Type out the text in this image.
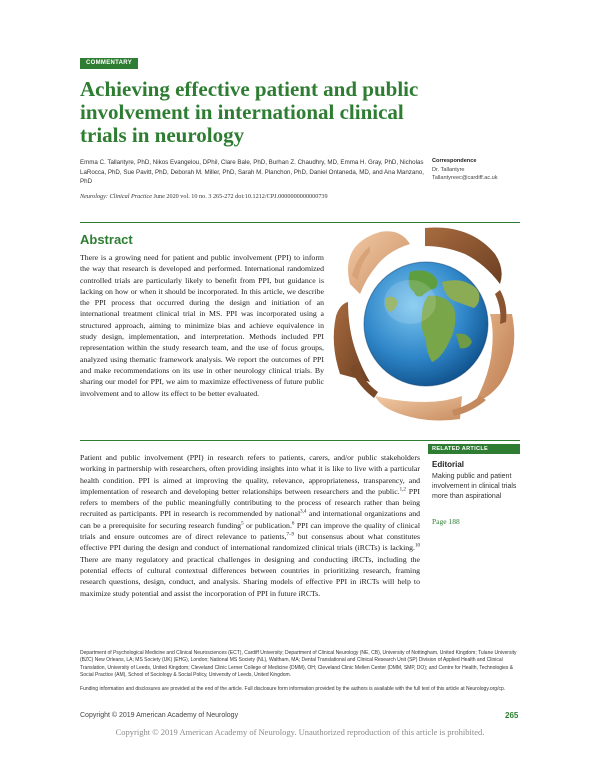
COMMENTARY
Achieving effective patient and public involvement in international clinical trials in neurology
Emma C. Tallantyre, PhD, Nikos Evangelou, DPhil, Clare Bale, PhD, Burhan Z. Chaudhry, MD, Emma H. Gray, PhD, Nicholas LaRocca, PhD, Sue Pavitt, PhD, Deborah M. Miller, PhD, Sarah M. Planchon, PhD, Daniel Ontaneda, MD, and Ana Manzano, PhD
Neurology: Clinical Practice June 2020 vol. 10 no. 3 265-272 doi:10.1212/CPJ.0000000000000739
Correspondence
Dr. Tallantyre
Tallantyreec@cardiff.ac.uk
Abstract

There is a growing need for patient and public involvement (PPI) to inform the way that research is developed and performed. International randomized controlled trials are particularly likely to benefit from PPI, but guidance is lacking on how or when it should be incorporated. In this article, we describe the PPI process that occurred during the design and initiation of an international treatment clinical trial in MS. PPI was incorporated using a structured approach, aiming to minimize bias and achieve equivalence in study design, implementation, and interpretation. Methods included PPI representation within the study research team, and the use of focus groups, analyzed using thematic framework analysis. We report the outcomes of PPI and make recommendations on its use in other neurology clinical trials. By sharing our model for PPI, we aim to maximize effectiveness of future public involvement and to allow its effect to be better evaluated.

RELATED ARTICLE
Editorial
Making public and patient involvement in clinical trials more than aspirational
Page 188

Patient and public involvement (PPI) in research refers to patients, carers, and/or public stakeholders working in partnership with researchers, often providing insights into what it is like to live with a particular health condition. PPI is aimed at improving the quality, relevance, appropriateness, transparency, and implementation of research and developing better relationships between researchers and the public.$^{1,2}$ PPI refers to members of the public meaningfully contributing to the process of research rather than being recruited as participants. PPI in research is recommended by national$^{3,4}$ and international organizations and can be a prerequisite for securing research funding$^5$ or publication.$^6$ PPI can improve the quality of clinical trials and ensure outcomes are of direct relevance to patients,$^{7-9}$ but consensus about what constitutes effective PPI during the design and conduct of international randomized clinical trials (iRCTs) is lacking.$^{10}$ There are many regulatory and practical challenges in designing and conducting iRCTs, including the potential effects of cultural contextual differences between countries in prioritizing research, framing research questions, design, conduct, and analysis. Sharing models of effective PPI in iRCTs will help to maximize study potential and assist the incorporation of PPI in future iRCTs.

Department of Psychological Medicine and Clinical Neurosciences (ECT), Cardiff University; Department of Clinical Neurology (NE, CB), University of Nottingham, United Kingdom; Tulane University (BZC) New Orleans, LA; MS Society (UK) (EHG), London; National MS Society (NL), Waltham, MA; Dental Translational and Clinical Research Unit (SP) Division of Applied Health and Clinical Translation, University of Leeds, United Kingdom; Cleveland Clinic Lerner College of Medicine (DMM), OH; Cleveland Clinic Mellen Center (DMM, SMP, DO); and Centre for Health, Technologies & Social Practice (AM), School of Sociology & Social Policy, University of Leeds, United Kingdom.

Funding information and disclosures are provided at the end of the article. Full disclosure form information provided by the authors is available with the full text of this article at Neurology.org/cp.

Copyright © 2019 American Academy of Neurology	265
Copyright © 2019 American Academy of Neurology. Unauthorized reproduction of this article is prohibited.
